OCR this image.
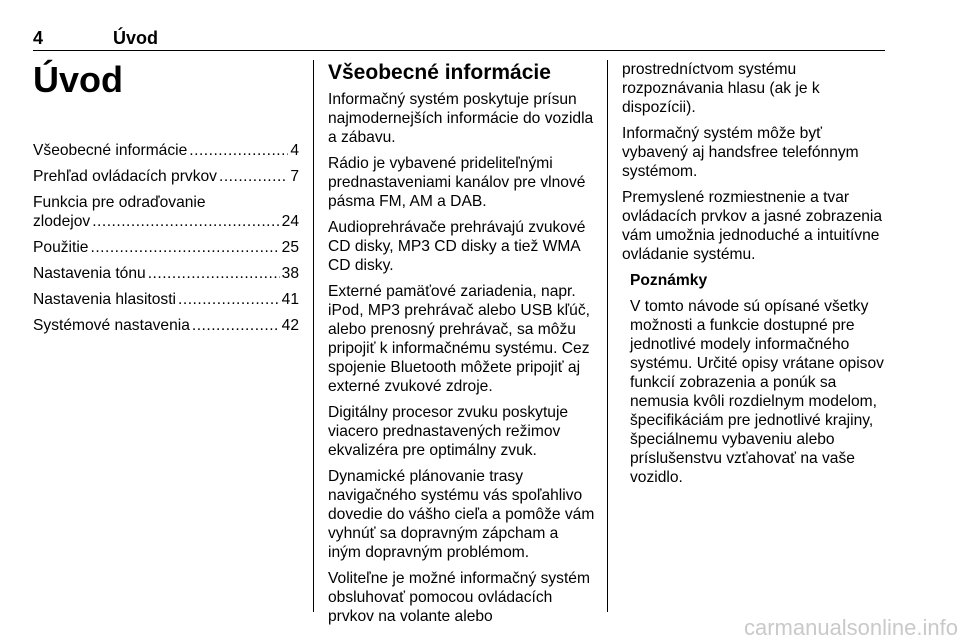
4	Úvod
Úvod
Všeobecné informácie .....	4
Prehľad ovládacích prvkov .....	7
Funkcia pre odraďovanie
zlodejov .....	24
Použitie .....	25
Nastavenia tónu .....	38
Nastavenia hlasitosti .....	41
Systémové nastavenia .....	42
Všeobecné informácie

Informačný systém poskytuje prísun najmodernejších informácie do vozidla a zábavu.

Rádio je vybavené prideliteľnými prednastaveniami kanálov pre vlnové pásma FM, AM a DAB.

Audioprehrávače prehrávajú zvukové CD disky, MP3 CD disky a tiež WMA CD disky.

Externé pamäťové zariadenia, napr. iPod, MP3 prehrávač alebo USB kľúč, alebo prenosný prehrávač, sa môžu pripojiť k informačnému systému. Cez spojenie Bluetooth môžete pripojiť aj externé zvukové zdroje.

Digitálny procesor zvuku poskytuje viacero prednastavených režimov ekvalizéra pre optimálny zvuk.

Dynamické plánovanie trasy navigačného systému vás spoľahlivo dovedie do vášho cieľa a pomôže vám vyhnúť sa dopravným zápcham a iným dopravným problémom.

Voliteľne je možné informačný systém obsluhovať pomocou ovládacích prvkov na volante alebo

prostredníctvom systému rozpoznávania hlasu (ak je k dispozícii).

Informačný systém môže byť vybavený aj handsfree telefónnym systémom.

Premyslené rozmiestnenie a tvar ovládacích prvkov a jasné zobrazenia vám umožnia jednoduché a intuitívne ovládanie systému.

Poznámky

V tomto návode sú opísané všetky možnosti a funkcie dostupné pre jednotlivé modely informačného systému. Určité opisy vrátane opisov funkcií zobrazenia a ponúk sa nemusia kvôli rozdielnym modelom, špecifikáciám pre jednotlivé krajiny, špeciálnemu vybaveniu alebo príslušenstvu vzťahovať na vaše vozidlo.

carmanualsonline.info
